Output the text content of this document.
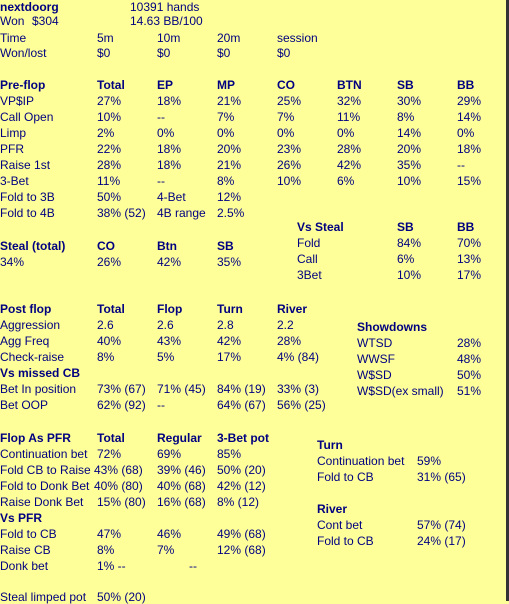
nextdoorg	10391 hands
Won $304	14.63 BB/100
Time	5m	10m	20m	session
Won/lost	$0	$0	$0	$0
Pre-flop	Total	EP	MP	CO	BTN	SB	BB
VP$IP	27%	18%	21%	25%	32%	30%	29%
Call Open	10%	--	7%	7%	11%	8%	14%
Limp	2%	0%	0%	0%	0%	14%	0%
PFR	22%	18%	20%	23%	28%	20%	18%
Raise 1st	28%	18%	21%	26%	42%	35%	--
3-Bet	11%	--	8%	10%	6%	10%	15%
Fold to 3B	50%	4-Bet	12%
Fold to 4B	38% (52) 4B range 2.5%
Vs Steal	SB	BB
Fold	84%	70%
Call	6%	13%
3Bet	10%	17%
Steal (total)	CO	Btn	SB
34%	26%	42%	35%
Post flop	Total	Flop	Turn	River
Aggression	2.6	2.6	2.8	2.2
Agg Freq	40%	43%	42%	28%
Check-raise	8%	5%	17%	4% (84)
Vs missed CB
Bet In position 73% (67) 71% (45) 84% (19) 33% (3)
Bet OOP	62% (92) --	64% (67) 56% (25)
Showdowns
WTSD	28%
WWSF	48%
W$SD	50%
W$SD(ex small) 51%
Flop As PFR Total	Regular 3-Bet pot
Continuation bet 72%	69%	85%
Fold CB to Raise 43% (68) 39% (46) 50% (20)
Fold to Donk Bet 40% (80) 40% (68) 42% (12)
Raise Donk Bet 15% (80) 16% (68) 8% (12)
Vs PFR
Fold to CB	47%	46%	49% (68)
Raise CB	8%	7%	12% (68)
Donk bet	1% --	--
Turn
Continuation bet 59%
Fold to CB	31% (65)
River
Cont bet	57% (74)
Fold to CB	24% (17)
Steal limped pot 50% (20)
